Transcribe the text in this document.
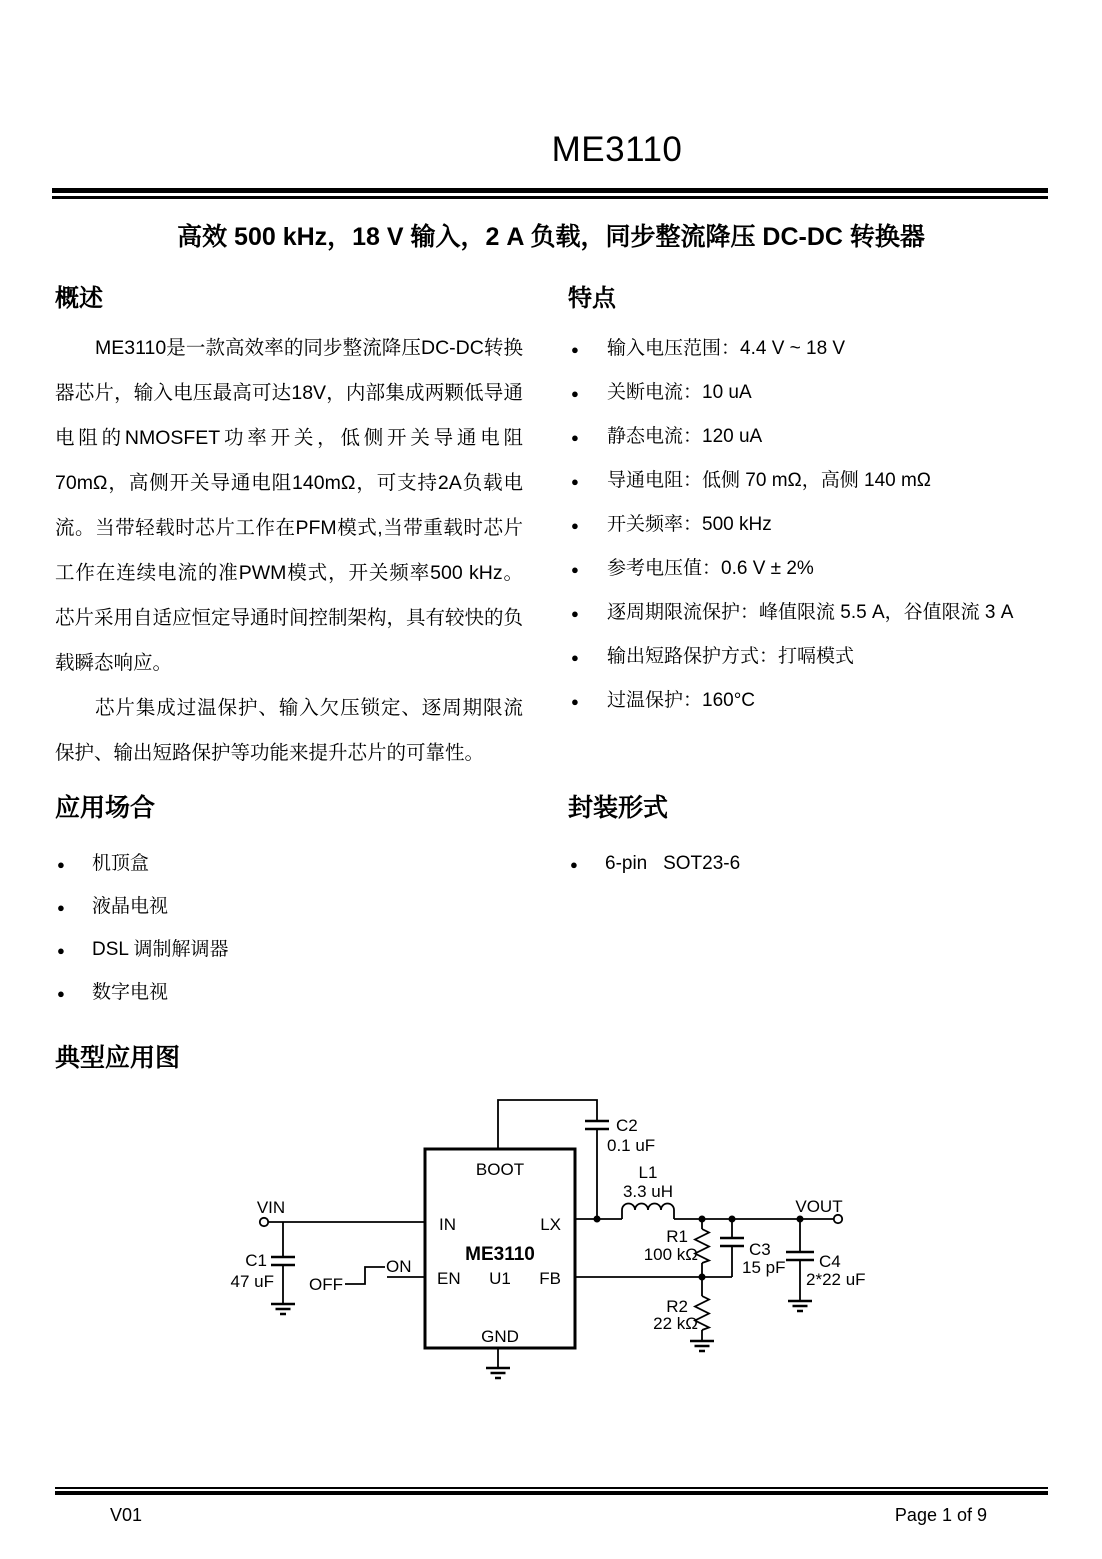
ME3110
高效 500 kHz，18 V 输入，2 A 负载，同步整流降压 DC-DC 转换器
概述

ME3110是一款高效率的同步整流降压DC-DC转换器芯片，输入电压最高可达18V，内部集成两颗低导通电阻的NMOSFET功率开关，低侧开关导通电阻70mΩ，高侧开关导通电阻140mΩ，可支持2A负载电流。当带轻载时芯片工作在PFM模式,当带重载时芯片工作在连续电流的准PWM模式，开关频率500 kHz。芯片采用自适应恒定导通时间控制架构，具有较快的负载瞬态响应。

芯片集成过温保护、输入欠压锁定、逐周期限流保护、输出短路保护等功能来提升芯片的可靠性。

特点
● 输入电压范围：4.4 V ~ 18 V
● 关断电流：10 uA
● 静态电流：120 uA
● 导通电阻：低侧 70 mΩ，高侧 140 mΩ
● 开关频率：500 kHz
● 参考电压值：0.6 V ± 2%
● 逐周期限流保护：峰值限流 5.5 A，谷值限流 3 A
● 输出短路保护方式：打嗝模式
● 过温保护：160°C
应用场合
● 机顶盒
● 液晶电视
● DSL 调制解调器
● 数字电视
封装形式
● 6-pin   SOT23-6
典型应用图
BOOT
IN	LX
ME3110
EN U1 FB
GND
VIN	VOUT
OFF
ON
C1
47 uF
C2
0.1 uF
L1
3.3 uH
R1
100 kΩ	C3
15 pF
R2
22 kΩ
C4
2*22 uF
V01	Page 1 of 9
